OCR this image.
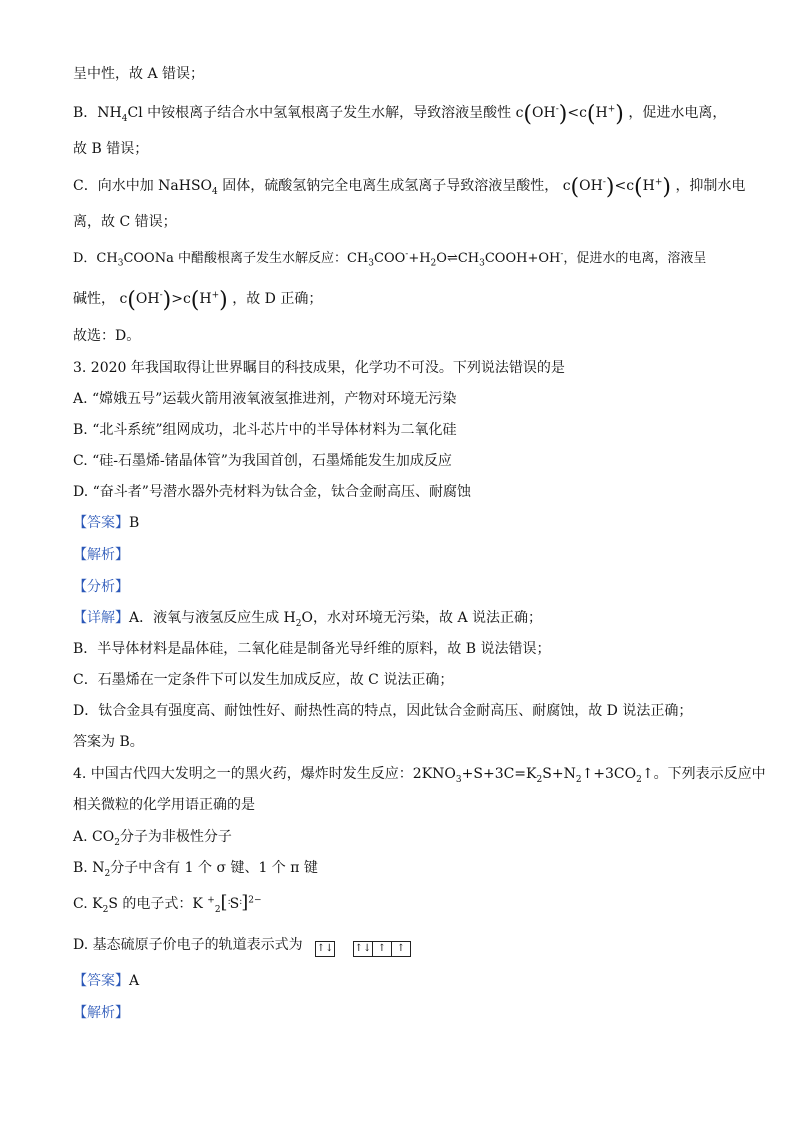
呈中性，故 A 错误；
B．$NH_4Cl$ 中铵根离子结合水中氢氧根离子发生水解，导致溶液呈酸性 c(OH-)<c(H+) ，促进水电离，
故 B 错误；
C．向水中加 NaHSO$_4$ 固体，硫酸氢钠完全电离生成氢离子导致溶液呈酸性， c(OH-)<c(H+) ，抑制水电
离，故 C 错误；
D．$CH_3COONa$ 中醋酸根离子发生水解反应：$CH_3COO^-+H_2O\rightleftharpoons CH_3COOH+OH^-$，促进水的电离，溶液呈
碱性， c(OH-)>c(H+) ，故 D 正确；
故选：D。
3. 2020 年我国取得让世界瞩目的科技成果，化学功不可没。下列说法错误的是
A. “嫦娥五号”运载火箭用液氧液氢推进剂，产物对环境无污染
B. “北斗系统”组网成功，北斗芯片中的半导体材料为二氧化硅
C. “硅-石墨烯-锗晶体管”为我国首创，石墨烯能发生加成反应
D. “奋斗者”号潜水器外壳材料为钛合金，钛合金耐高压、耐腐蚀
【答案】B
【解析】
【分析】
【详解】A．液氧与液氢反应生成 $H_2O$，水对环境无污染，故 A 说法正确；
B．半导体材料是晶体硅，二氧化硅是制备光导纤维的原料，故 B 说法错误；
C．石墨烯在一定条件下可以发生加成反应，故 C 说法正确；
D．钛合金具有强度高、耐蚀性好、耐热性高的特点，因此钛合金耐高压、耐腐蚀，故 D 说法正确；
答案为 B。
4. 中国古代四大发明之一的黑火药，爆炸时发生反应：$2KNO_3+S+3C=K_2S+N_2↑+3CO_2↑$。下列表示反应中
相关微粒的化学用语正确的是
A. $CO_2$分子为非极性分子
B. $N_2$分子中含有 1 个 σ 键、1 个 π 键
C. $K_2S$ 的电子式：K +$_2$[:S:]$^{2-}$
D. 基态硫原子价电子的轨道表示式为 ↑↓ ↑↓ ↑ ↑
【答案】A
【解析】
